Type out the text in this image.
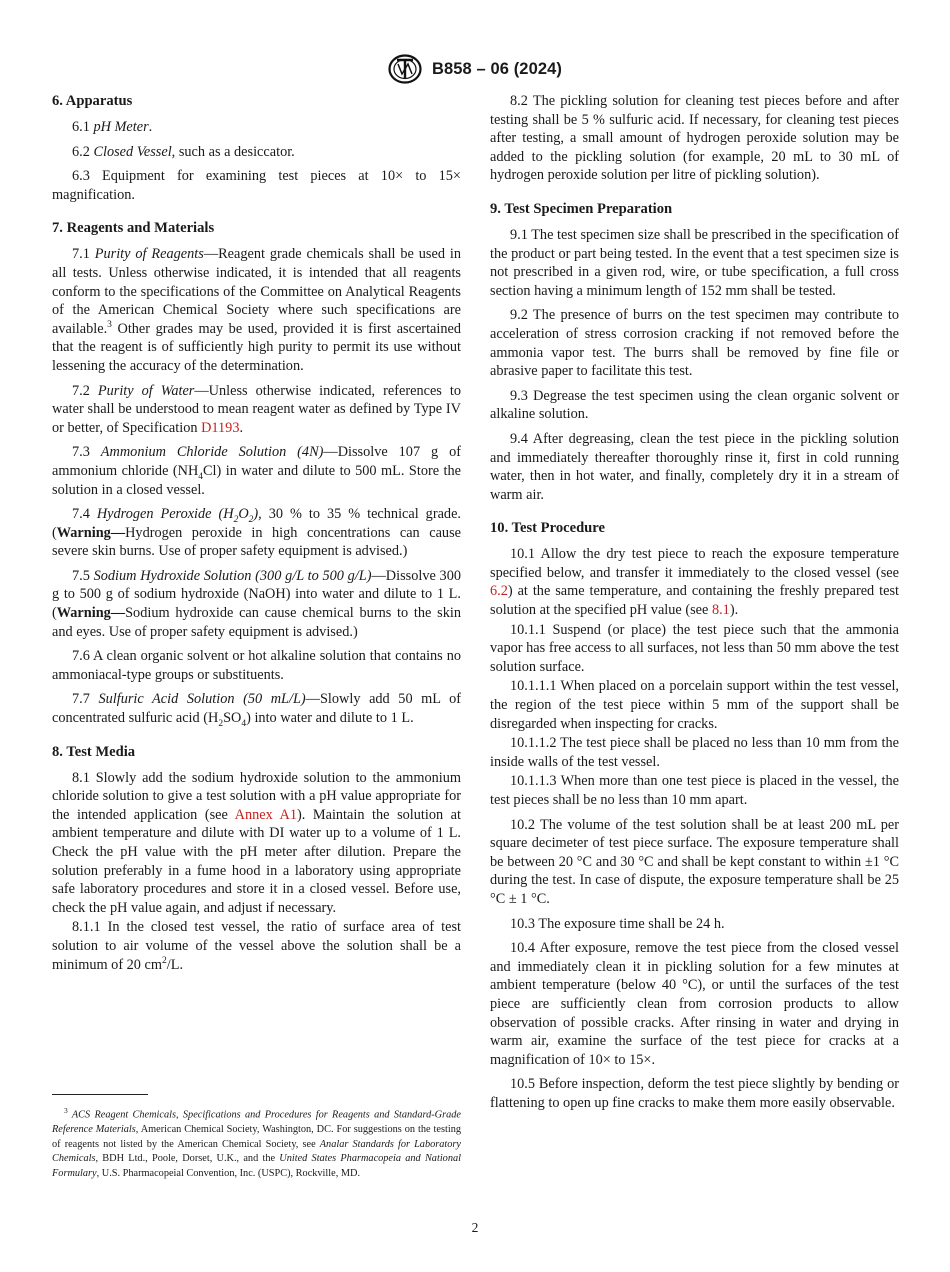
B858 – 06 (2024)
6. Apparatus

6.1 pH Meter.

6.2 Closed Vessel, such as a desiccator.

6.3 Equipment for examining test pieces at 10× to 15× magnification.

7. Reagents and Materials

7.1 Purity of Reagents—Reagent grade chemicals shall be used in all tests. Unless otherwise indicated, it is intended that all reagents conform to the specifications of the Committee on Analytical Reagents of the American Chemical Society where such specifications are available.$^3$ Other grades may be used, provided it is first ascertained that the reagent is of sufficiently high purity to permit its use without lessening the accuracy of the determination.

7.2 Purity of Water—Unless otherwise indicated, references to water shall be understood to mean reagent water as defined by Type IV or better, of Specification D1193.

7.3 Ammonium Chloride Solution (4N)—Dissolve 107 g of ammonium chloride $(NH_4Cl)$ in water and dilute to 500 mL. Store the solution in a closed vessel.

7.4 Hydrogen Peroxide $(H_2O_2)$, 30 % to 35 % technical grade. (Warning—Hydrogen peroxide in high concentrations can cause severe skin burns. Use of proper safety equipment is advised.)

7.5 Sodium Hydroxide Solution (300 g/L to 500 g/L)—Dissolve 300 g to 500 g of sodium hydroxide (NaOH) into water and dilute to 1 L. (Warning—Sodium hydroxide can cause chemical burns to the skin and eyes. Use of proper safety equipment is advised.)

7.6 A clean organic solvent or hot alkaline solution that contains no ammoniacal-type groups or substituents.

7.7 Sulfuric Acid Solution (50 mL/L)—Slowly add 50 mL of concentrated sulfuric acid $(H_2SO_4)$ into water and dilute to 1 L.

8. Test Media

8.1 Slowly add the sodium hydroxide solution to the ammonium chloride solution to give a test solution with a pH value appropriate for the intended application (see Annex A1). Maintain the solution at ambient temperature and dilute with DI water up to a volume of 1 L. Check the pH value with the pH meter after dilution. Prepare the solution preferably in a fume hood in a laboratory using appropriate safe laboratory procedures and store it in a closed vessel. Before use, check the pH value again, and adjust if necessary.

8.1.1 In the closed test vessel, the ratio of surface area of test solution to air volume of the vessel above the solution shall be a minimum of 20 $cm^2/L$.

$^3$ ACS Reagent Chemicals, Specifications and Procedures for Reagents and Standard-Grade Reference Materials, American Chemical Society, Washington, DC. For suggestions on the testing of reagents not listed by the American Chemical Society, see Analar Standards for Laboratory Chemicals, BDH Ltd., Poole, Dorset, U.K., and the United States Pharmacopeia and National Formulary, U.S. Pharmacopeial Convention, Inc. (USPC), Rockville, MD.

8.2 The pickling solution for cleaning test pieces before and after testing shall be 5 % sulfuric acid. If necessary, for cleaning test pieces after testing, a small amount of hydrogen peroxide solution may be added to the pickling solution (for example, 20 mL to 30 mL of hydrogen peroxide solution per litre of pickling solution).

9. Test Specimen Preparation

9.1 The test specimen size shall be prescribed in the specification of the product or part being tested. In the event that a test specimen size is not prescribed in a given rod, wire, or tube specification, a full cross section having a minimum length of 152 mm shall be tested.

9.2 The presence of burrs on the test specimen may contribute to acceleration of stress corrosion cracking if not removed before the ammonia vapor test. The burrs shall be removed by fine file or abrasive paper to facilitate this test.

9.3 Degrease the test specimen using the clean organic solvent or alkaline solution.

9.4 After degreasing, clean the test piece in the pickling solution and immediately thereafter thoroughly rinse it, first in cold running water, then in hot water, and finally, completely dry it in a stream of warm air.

10. Test Procedure

10.1 Allow the dry test piece to reach the exposure temperature specified below, and transfer it immediately to the closed vessel (see 6.2) at the same temperature, and containing the freshly prepared test solution at the specified pH value (see 8.1).

10.1.1 Suspend (or place) the test piece such that the ammonia vapor has free access to all surfaces, not less than 50 mm above the test solution surface.

10.1.1.1 When placed on a porcelain support within the test vessel, the region of the test piece within 5 mm of the support shall be disregarded when inspecting for cracks.

10.1.1.2 The test piece shall be placed no less than 10 mm from the inside walls of the test vessel.

10.1.1.3 When more than one test piece is placed in the vessel, the test pieces shall be no less than 10 mm apart.

10.2 The volume of the test solution shall be at least 200 mL per square decimeter of test piece surface. The exposure temperature shall be between 20 °C and 30 °C and shall be kept constant to within ±1 °C during the test. In case of dispute, the exposure temperature shall be 25 °C ± 1 °C.

10.3 The exposure time shall be 24 h.

10.4 After exposure, remove the test piece from the closed vessel and immediately clean it in pickling solution for a few minutes at ambient temperature (below 40 °C), or until the surfaces of the test piece are sufficiently clean from corrosion products to allow observation of possible cracks. After rinsing in water and drying in warm air, examine the surface of the test piece for cracks at a magnification of 10× to 15×.

10.5 Before inspection, deform the test piece slightly by bending or flattening to open up fine cracks to make them more easily observable.

2
